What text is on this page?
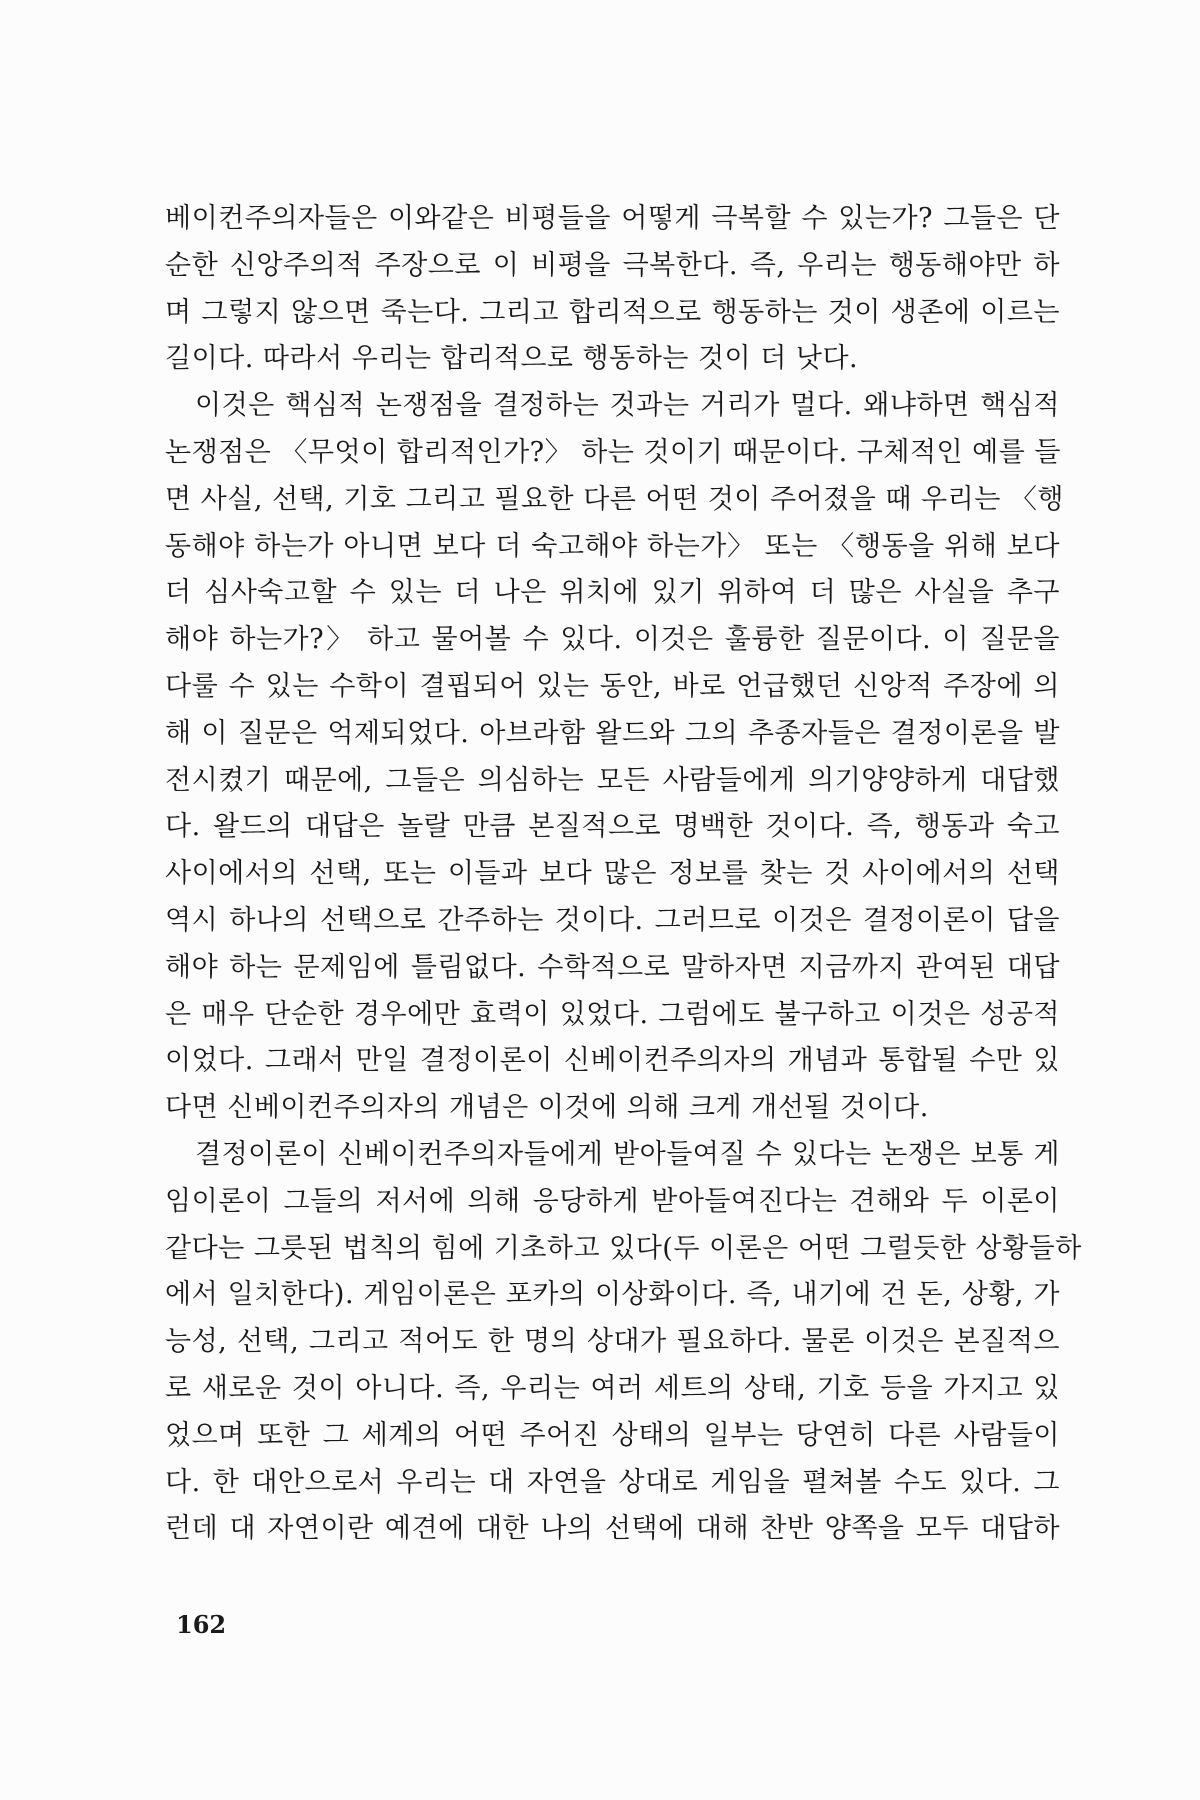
베이컨주의자들은 이와같은 비평들을 어떻게 극복할 수 있는가? 그들은 단
순한 신앙주의적 주장으로 이 비평을 극복한다. 즉, 우리는 행동해야만 하
며 그렇지 않으면 죽는다. 그리고 합리적으로 행동하는 것이 생존에 이르는
길이다. 따라서 우리는 합리적으로 행동하는 것이 더 낫다.
이것은 핵심적 논쟁점을 결정하는 것과는 거리가 멀다. 왜냐하면 핵심적
논쟁점은 〈무엇이 합리적인가?〉 하는 것이기 때문이다. 구체적인 예를 들
면 사실, 선택, 기호 그리고 필요한 다른 어떤 것이 주어졌을 때 우리는 〈행
동해야 하는가 아니면 보다 더 숙고해야 하는가〉 또는 〈행동을 위해 보다
더 심사숙고할 수 있는 더 나은 위치에 있기 위하여 더 많은 사실을 추구
해야 하는가?〉 하고 물어볼 수 있다. 이것은 훌륭한 질문이다. 이 질문을
다룰 수 있는 수학이 결핍되어 있는 동안, 바로 언급했던 신앙적 주장에 의
해 이 질문은 억제되었다. 아브라함 왈드와 그의 추종자들은 결정이론을 발
전시켰기 때문에, 그들은 의심하는 모든 사람들에게 의기양양하게 대답했
다. 왈드의 대답은 놀랄 만큼 본질적으로 명백한 것이다. 즉, 행동과 숙고
사이에서의 선택, 또는 이들과 보다 많은 정보를 찾는 것 사이에서의 선택
역시 하나의 선택으로 간주하는 것이다. 그러므로 이것은 결정이론이 답을
해야 하는 문제임에 틀림없다. 수학적으로 말하자면 지금까지 관여된 대답
은 매우 단순한 경우에만 효력이 있었다. 그럼에도 불구하고 이것은 성공적
이었다. 그래서 만일 결정이론이 신베이컨주의자의 개념과 통합될 수만 있
다면 신베이컨주의자의 개념은 이것에 의해 크게 개선될 것이다.
결정이론이 신베이컨주의자들에게 받아들여질 수 있다는 논쟁은 보통 게
임이론이 그들의 저서에 의해 응당하게 받아들여진다는 견해와 두 이론이
같다는 그릇된 법칙의 힘에 기초하고 있다(두 이론은 어떤 그럴듯한 상황들하
에서 일치한다). 게임이론은 포카의 이상화이다. 즉, 내기에 건 돈, 상황, 가
능성, 선택, 그리고 적어도 한 명의 상대가 필요하다. 물론 이것은 본질적으
로 새로운 것이 아니다. 즉, 우리는 여러 세트의 상태, 기호 등을 가지고 있
었으며 또한 그 세계의 어떤 주어진 상태의 일부는 당연히 다른 사람들이
다. 한 대안으로서 우리는 대 자연을 상대로 게임을 펼쳐볼 수도 있다. 그
런데 대 자연이란 예견에 대한 나의 선택에 대해 찬반 양쪽을 모두 대답하
162
